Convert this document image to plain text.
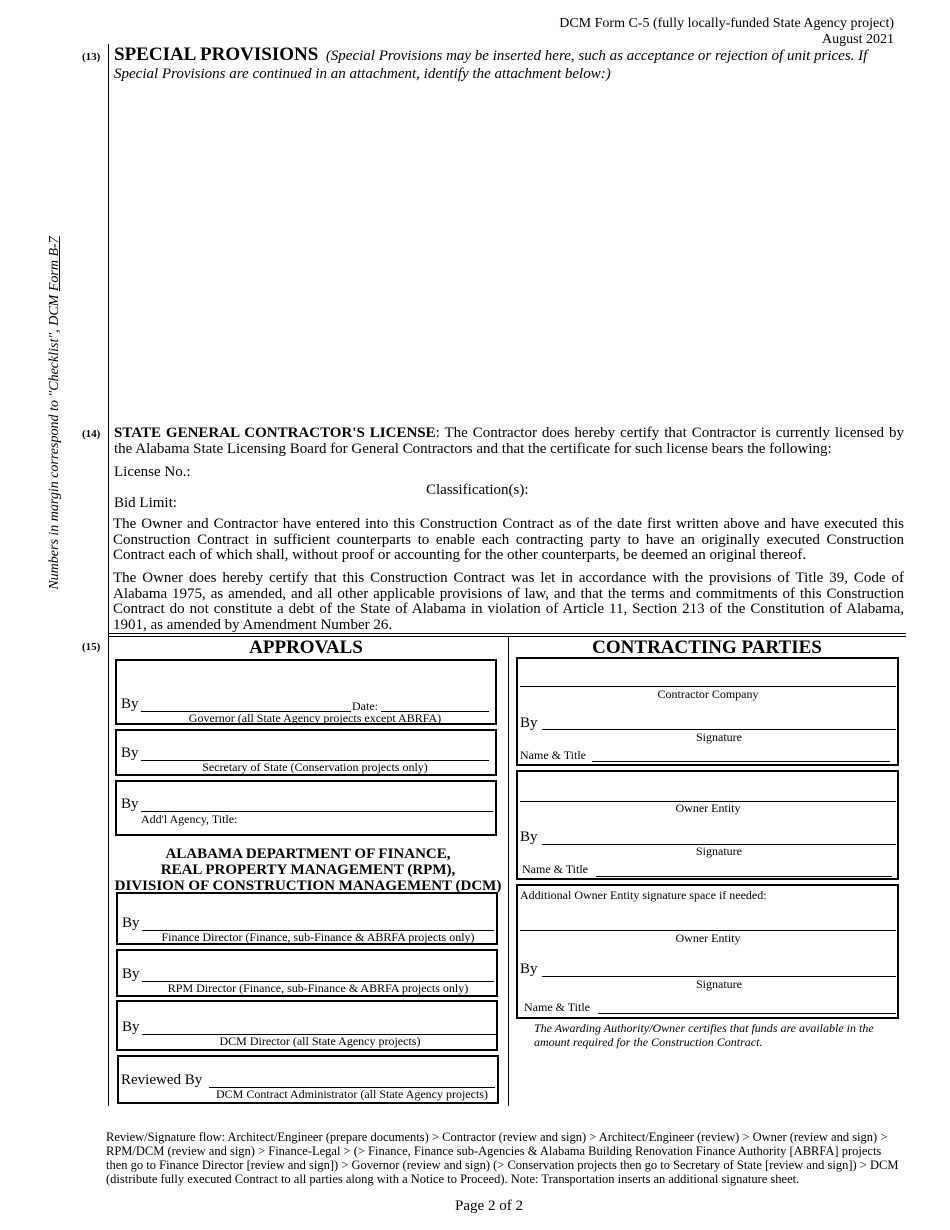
DCM Form C-5 (fully locally-funded State Agency project)
August 2021
Numbers in margin correspond to "Checklist", DCM Form B-7
(13) SPECIAL PROVISIONS (Special Provisions may be inserted here, such as acceptance or rejection of unit prices. If Special Provisions are continued in an attachment, identify the attachment below:)
(14) STATE GENERAL CONTRACTOR'S LICENSE: The Contractor does hereby certify that Contractor is currently licensed by the Alabama State Licensing Board for General Contractors and that the certificate for such license bears the following:
License No.:
Classification(s):
Bid Limit:
The Owner and Contractor have entered into this Construction Contract as of the date first written above and have executed this Construction Contract in sufficient counterparts to enable each contracting party to have an originally executed Construction Contract each of which shall, without proof or accounting for the other counterparts, be deemed an original thereof.
The Owner does hereby certify that this Construction Contract was let in accordance with the provisions of Title 39, Code of Alabama 1975, as amended, and all other applicable provisions of law, and that the terms and commitments of this Construction Contract do not constitute a debt of the State of Alabama in violation of Article 11, Section 213 of the Constitution of Alabama, 1901, as amended by Amendment Number 26.
(15)	APPROVALS	CONTRACTING PARTIES
By	Date:
Governor (all State Agency projects except ABRFA)
By
Secretary of State (Conservation projects only)
By
Add'l Agency, Title:
ALABAMA DEPARTMENT OF FINANCE,
REAL PROPERTY MANAGEMENT (RPM),
DIVISION OF CONSTRUCTION MANAGEMENT (DCM)
By
Finance Director (Finance, sub-Finance & ABRFA projects only)
By
RPM Director (Finance, sub-Finance & ABRFA projects only)
By
DCM Director (all State Agency projects)
Reviewed By
DCM Contract Administrator (all State Agency projects)
Contractor Company
By
Signature
Name & Title
Owner Entity
By
Signature
Name & Title
Additional Owner Entity signature space if needed:
Owner Entity
By
Signature
Name & Title
The Awarding Authority/Owner certifies that funds are available in the amount required for the Construction Contract.
Review/Signature flow: Architect/Engineer (prepare documents) > Contractor (review and sign) > Architect/Engineer (review) > Owner (review and sign) > RPM/DCM (review and sign) > Finance-Legal > (> Finance, Finance sub-Agencies & Alabama Building Renovation Finance Authority [ABRFA] projects then go to Finance Director [review and sign]) > Governor (review and sign) (> Conservation projects then go to Secretary of State [review and sign]) > DCM (distribute fully executed Contract to all parties along with a Notice to Proceed). Note: Transportation inserts an additional signature sheet.
Page 2 of 2
